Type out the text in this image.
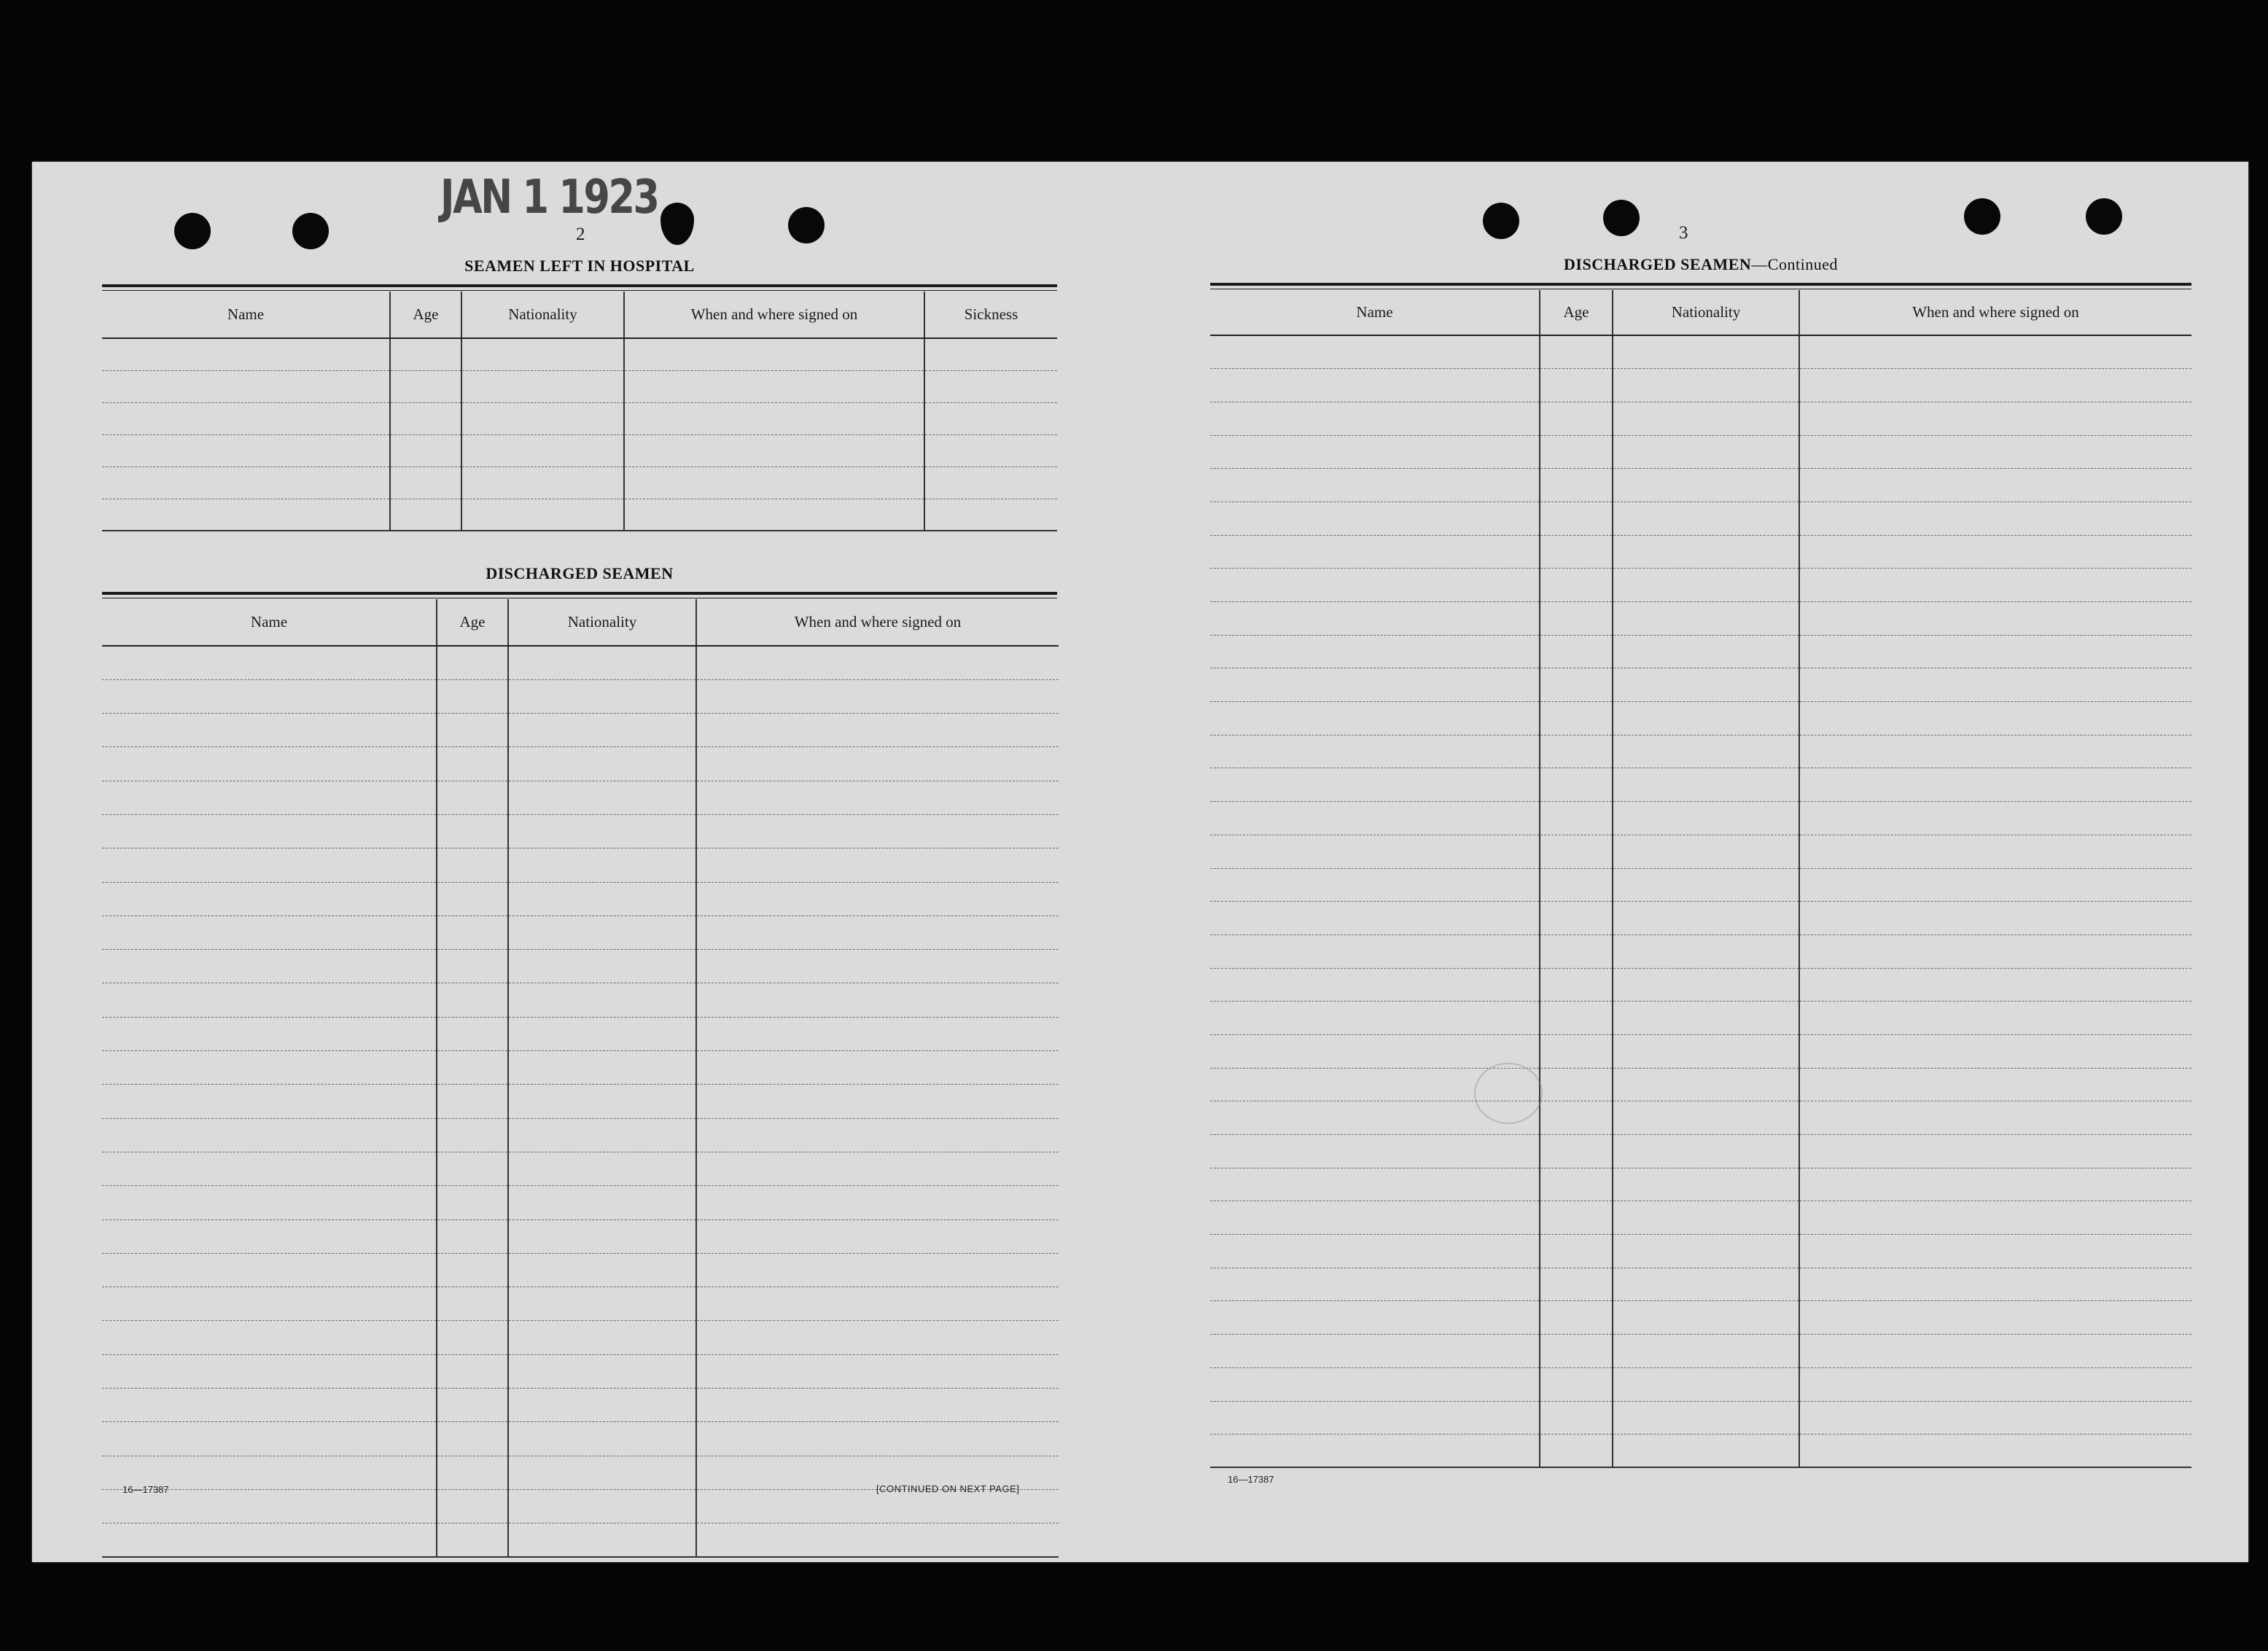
JAN 1 1923
2
SEAMEN LEFT IN HOSPITAL
Name	Age	Nationality	When and where signed on	Sickness

DISCHARGED SEAMEN
Name	Age	Nationality	When and where signed on

16—17387	[CONTINUED ON NEXT PAGE]
3
DISCHARGED SEAMEN—Continued
Name	Age	Nationality	When and where signed on

16—17387
